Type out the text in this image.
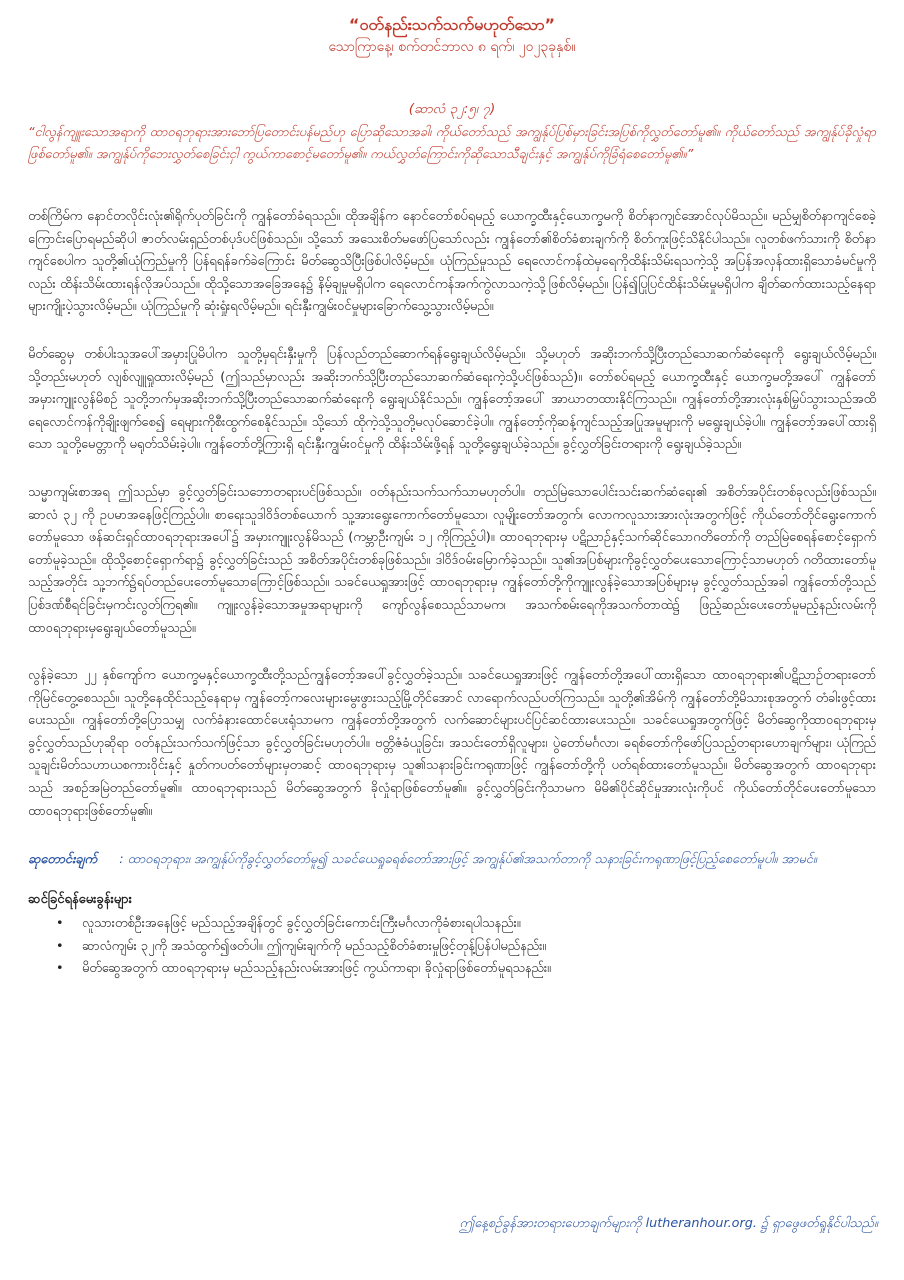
“ဝတ်နည်းသက်သက်မဟုတ်သော”
သောကြာနေ့၊ စက်တင်ဘာလ ၈ ရက်၊ ၂၀၂၃ခုနှစ်။
(ဆာလံ ၃၂:၅၊ ၇)
“ငါလွန်ကျူးသောအရာကို ထာဝရဘုရားအားဘော်ပြတောင်းပန်မည်ဟု ပြောဆိုသောအခါ၊ ကိုယ်တော်သည် အကျွန်ုပ်ပြစ်မှားခြင်းအပြစ်ကိုလွှတ်တော်မူ၏။ ကိုယ်တော်သည် အကျွန်ုပ်ခိုလှုံရာဖြစ်တော်မူ၏။ အကျွန်ုပ်ကိုဘေးလွှတ်စေခြင်းငှါ ကွယ်ကာစောင့်မတော်မူ၏။ ကယ်လွှတ်ကြောင်းကိုဆိုသောသီချင်းနှင့် အကျွန်ုပ်ကိုခြံရံစေတော်မူ၏။”

တစ်ကြိမ်က နောင်တလိုင်းလုံး၏ရိုက်ပုတ်ခြင်းကို ကျွန်တော်ခံရသည်။ ထိုအချိန်က နောင်တော်စပ်ရမည့် ယောက္ခထီးနှင့်ယောက္ခမကို စိတ်နာကျင်အောင်လုပ်မိသည်။ မည်မျှစိတ်နာကျင်စေခဲ့ကြောင်းပြောရမည်ဆိုပါ ဇာတ်လမ်းရှည်တစ်ပုဒ်ပင်ဖြစ်သည်။ သို့သော် အသေးစိတ်မဖော်ပြသော်လည်း ကျွန်တော်၏စိတ်ခံစားချက်ကို စိတ်ကူးဖြင့်သိနိုင်ပါသည်။ လူတစ်ဖက်သားကို စိတ်နာကျင်စေပါက သူတို့၏ယုံကြည်မှုကို ပြန်ရရန်ခက်ခဲကြောင်း မိတ်ဆွေသိပြီးဖြစ်ပါလိမ့်မည်။ ယုံကြည်မှုသည် ရေလောင်ကန်ထဲမှရေကိုထိန်းသိမ်းရသကဲ့သို့ အပြန်အလှန်ထားရှိသောခံမင်မှုကိုလည်း ထိန်းသိမ်းထားရန်လိုအပ်သည်။ ထိုသို့သောအခြေအနေ၌ နိမ့်ချမှုမရှိပါက ရေလောင်ကန်အက်ကွဲလာသကဲ့သို့ဖြစ်လိမ့်မည်။ ပြန်၍ပြုပြင်ထိန်းသိမ်းမှုမရှိပါက ချိတ်ဆက်ထားသည့်နေရာများကျိုးပဲ့သွားလိမ့်မည်။ ယုံကြည်မှုကို ဆုံးရှုံးရလိမ့်မည်။ ရင်းနှီးကျွမ်းဝင်မှုများခြောက်သွေ့သွားလိမ့်မည်။

မိတ်ဆွေမှ တစ်ပါးသူအပေါ်အမှားပြုမိပါက သူတို့မှရင်းနှီးမှုကို ပြန်လည်တည်ဆောက်ရန်ရွေးချယ်လိမ့်မည်။ သို့မဟုတ် အဆိုးဘက်သို့ပြီးတည်သောဆက်ဆံရေးကို ရွေးချယ်လိမ့်မည်။ သို့တည်းမဟုတ် လျစ်လျူရှုထားလိမ့်မည် (ဤသည်မှာလည်း အဆိုးဘက်သို့ပြီးတည်သောဆက်ဆံရေးကဲ့သို့ပင်ဖြစ်သည်)။ တော်စပ်ရမည့် ယောက္ခထီးနှင့် ယောက္ခမတို့အပေါ် ကျွန်တော်အမှားကျူးလွန်မိစဉ် သူတို့ဘက်မှအဆိုးဘက်သို့ပြီးတည်သောဆက်ဆံရေးကို ရွေးချယ်နိုင်သည်။ ကျွန်တော့်အပေါ် အာဃာတထားနိုင်ကြသည်။ ကျွန်တော်တို့အားလုံးနှစ်မြှပ်သွားသည်အထိ ရေလောင်ကန်ကိုချိုးဖျက်စေ၍ ရေများကိုစီးထွက်စေနိုင်သည်။ သို့သော် ထိုကဲ့သို့သူတို့မလုပ်ဆောင်ခဲ့ပါ။ ကျွန်တော့်ကိုဆန့်ကျင်သည့်အပြုအမူများကို မရွေးချယ်ခဲ့ပါ။ ကျွန်တော့်အပေါ်ထားရှိသော သူတို့မေတ္တာကို မရုတ်သိမ်းခဲ့ပါ။ ကျွန်တော်တို့ကြားရှိ ရင်းနှီးကျွမ်းဝင်မှုကို ထိန်းသိမ်းဖို့ရန် သူတို့ရွေးချယ်ခဲ့သည်။ ခွင့်လွှတ်ခြင်းတရားကို ရွေးချယ်ခဲ့သည်။

သမ္မာကျမ်းစာအရ ဤသည်မှာ ခွင့်လွှတ်ခြင်းသဘောတရားပင်ဖြစ်သည်။ ဝတ်နည်းသက်သက်သာမဟုတ်ပါ။ တည်မြဲသောပေါင်းသင်းဆက်ဆံရေး၏ အစိတ်အပိုင်းတစ်ခုလည်းဖြစ်သည်။ ဆာလံ ၃၂ ကို ဥပမာအနေဖြင့်ကြည့်ပါ။ စာရေးသူဒါဝိဒ်တစ်ယောက် သူ့အားရွေးကောက်တော်မူသော၊ လူမျိုးတော်အတွက်၊ လောကလူသားအားလုံးအတွက်ဖြင့် ကိုယ်တော်တိုင်ရွေးကောက်တော်မူသော ဖန်ဆင်းရှင်ထာဝရဘုရားအပေါ်၌ အမှားကျူးလွန်မိသည် (ကမ္ဘာဦးကျမ်း ၁၂ ကိုကြည့်ပါ)။ ထာဝရဘုရားမှ ပဋိညာဉ်နှင့်သက်ဆိုင်သောဂတိတော်ကို တည်မြဲစေရန်စောင့်ရှောက်တော်မူခဲ့သည်။ ထိုသို့စောင့်ရှောက်ရာ၌ ခွင့်လွှတ်ခြင်းသည် အစိတ်အပိုင်းတစ်ခုဖြစ်သည်။ ဒါဝိဒ်ဝမ်းမြောက်ခဲ့သည်။ သူ၏အပြစ်များကိုခွင့်လွှတ်ပေးသောကြောင့်သာမဟုတ် ဂတိထားတော်မူသည့်အတိုင်း သူ့ဘက်၌ရပ်တည်ပေးတော်မူသောကြောင့်ဖြစ်သည်။ သခင်ယေရှုအားဖြင့် ထာဝရဘုရားမှ ကျွန်တော်တို့ကိုကျူးလွန်ခဲ့သောအပြစ်များမှ ခွင့်လွှတ်သည့်အခါ ကျွန်တော်တို့သည် ပြစ်ဒဏ်စီရင်ခြင်းမှကင်းလွတ်ကြရ၏။ ကျူးလွန်ခဲ့သောအမှုအရာများကို ကျော်လွန်စေသည်သာမက၊ အသက်စမ်းရေကိုအသက်တာထဲ၌ ဖြည့်ဆည်းပေးတော်မူမည့်နည်းလမ်းကို ထာဝရဘုရားမှရွေးချယ်တော်မူသည်။

လွန်ခဲ့သော ၂၂ နှစ်ကျော်က ယောက္ခမနှင့်ယောက္ခထီးတို့သည်ကျွန်တော့်အပေါ်ခွင့်လွှတ်ခဲ့သည်။ သခင်ယေရှုအားဖြင့် ကျွန်တော်တို့အပေါ်ထားရှိသော ထာဝရဘုရား၏ပဋိညာဉ်တရားတော်ကိုမြင်တွေ့စေသည်။ သူတို့နေထိုင်သည့်နေရာမှ ကျွန်တော့်ကလေးများမွေးဖွားသည့်မြို့တိုင်အောင် လာရောက်လည်ပတ်ကြသည်။ သူတို့၏အိမ်ကို ကျွန်တော်တို့မိသားစုအတွက် တံခါးဖွင့်ထားပေးသည်။ ကျွန်တော်တို့ပြောသမျှ လက်ခံနားထောင်ပေးရုံသာမက ကျွန်တော်တို့အတွက် လက်ဆောင်များပင်ပြင်ဆင်ထားပေးသည်။ သခင်ယေရှုအတွက်ဖြင့် မိတ်ဆွေကိုထာဝရဘုရားမှခွင့်လွှတ်သည်ဟုဆိုရာ ဝတ်နည်းသက်သက်ဖြင့်သာ ခွင့်လွှတ်ခြင်းမဟုတ်ပါ။ ဗတ္တိဇံခံယူခြင်း၊ အသင်းတော်ရှိလူများ၊ ပွဲတော်မင်္ဂလာ၊ ခရစ်တော်ကိုဖော်ပြသည့်တရားဟောချက်များ၊ ယုံကြည်သူချင်းမိတ်သဟာယစကားဝိုင်းနှင့် နှုတ်ကပတ်တော်များမှတဆင့် ထာဝရဘုရားမှ သူ၏သနားခြင်းကရုဏာဖြင့် ကျွန်တော်တို့ကို ပတ်ရစ်ထားတော်မူသည်။ မိတ်ဆွေအတွက် ထာဝရဘုရားသည် အစဉ်အမြဲတည်တော်မူ၏။ ထာဝရဘုရားသည် မိတ်ဆွေအတွက် ခိုလှုံရာဖြစ်တော်မူ၏။ ခွင့်လွှတ်ခြင်းကိုသာမက မိမိ၏ပိုင်ဆိုင်မှုအားလုံးကိုပင် ကိုယ်တော်တိုင်ပေးတော်မူသော ထာဝရဘုရားဖြစ်တော်မူ၏။

ဆုတောင်းချက် : ထာဝရဘုရား၊ အကျွန်ုပ်ကိုခွင့်လွှတ်တော်မူ၍ သခင်ယေရှုခရစ်တော်အားဖြင့် အကျွန်ုပ်၏အသက်တာကို သနားခြင်းကရုဏာဖြင့်ပြည့်စေတော်မူပါ။ အာမင်။
ဆင်ခြင်ရန်မေးခွန်းများ
• လူသားတစ်ဦးအနေဖြင့် မည်သည့်အချိန်တွင် ခွင့်လွှတ်ခြင်းကောင်းကြီးမင်္ဂလာကိုခံစားရပါသနည်း။
• ဆာလံကျမ်း ၃၂ကို အသံထွက်၍ဖတ်ပါ။ ဤကျမ်းချက်ကို မည်သည့်စိတ်ခံစားမှုဖြင့်တုန့်ပြန်ပါမည်နည်း။
• မိတ်ဆွေအတွက် ထာဝရဘုရားမှ မည်သည့်နည်းလမ်းအားဖြင့် ကွယ်ကာရာ၊ ခိုလှုံရာဖြစ်တော်မူရသနည်း။
ဤနေ့စဉ်ခွန်အားတရားဟောချက်များကို lutheranhour.org. ၌ ရှာဖွေဖတ်ရှုနိုင်ပါသည်။
